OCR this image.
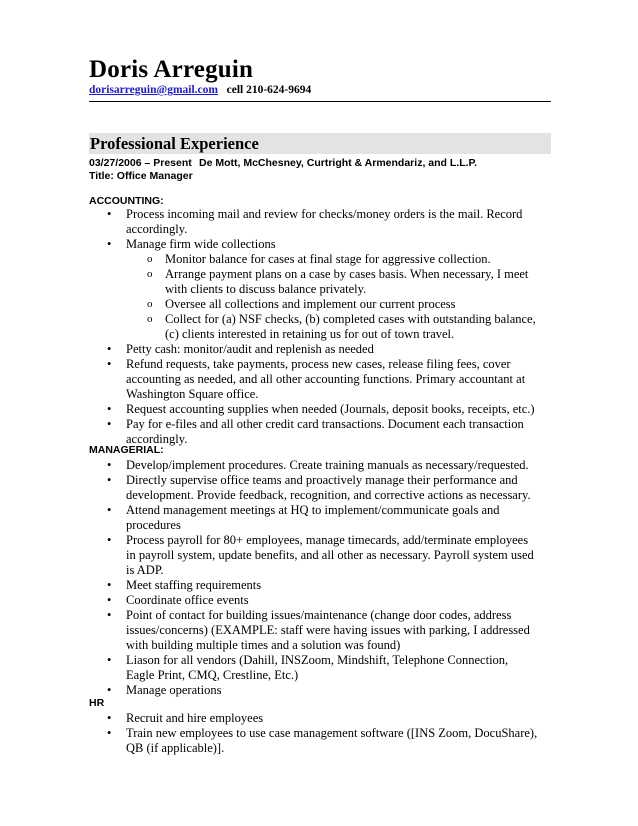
Doris Arreguin
dorisarreguin@gmail.com cell 210-624-9694
Professional Experience
03/27/2006 – Present De Mott, McChesney, Curtright & Armendariz, and L.L.P.
Title: Office Manager
ACCOUNTING:
• Process incoming mail and review for checks/money orders is the mail. Record accordingly.
• Manage firm wide collections
o Monitor balance for cases at final stage for aggressive collection.
o Arrange payment plans on a case by cases basis. When necessary, I meet with clients to discuss balance privately.
o Oversee all collections and implement our current process
o Collect for (a) NSF checks, (b) completed cases with outstanding balance, (c) clients interested in retaining us for out of town travel.
• Petty cash: monitor/audit and replenish as needed
• Refund requests, take payments, process new cases, release filing fees, cover accounting as needed, and all other accounting functions. Primary accountant at Washington Square office.
• Request accounting supplies when needed (Journals, deposit books, receipts, etc.)
• Pay for e-files and all other credit card transactions. Document each transaction accordingly.
MANAGERIAL:
• Develop/implement procedures. Create training manuals as necessary/requested.
• Directly supervise office teams and proactively manage their performance and development. Provide feedback, recognition, and corrective actions as necessary.
• Attend management meetings at HQ to implement/communicate goals and procedures
• Process payroll for 80+ employees, manage timecards, add/terminate employees in payroll system, update benefits, and all other as necessary. Payroll system used is ADP.
• Meet staffing requirements
• Coordinate office events
• Point of contact for building issues/maintenance (change door codes, address issues/concerns) (EXAMPLE: staff were having issues with parking, I addressed with building multiple times and a solution was found)
• Liason for all vendors (Dahill, INSZoom, Mindshift, Telephone Connection, Eagle Print, CMQ, Crestline, Etc.)
• Manage operations
HR
• Recruit and hire employees
• Train new employees to use case management software ([INS Zoom, DocuShare), QB (if applicable)].
